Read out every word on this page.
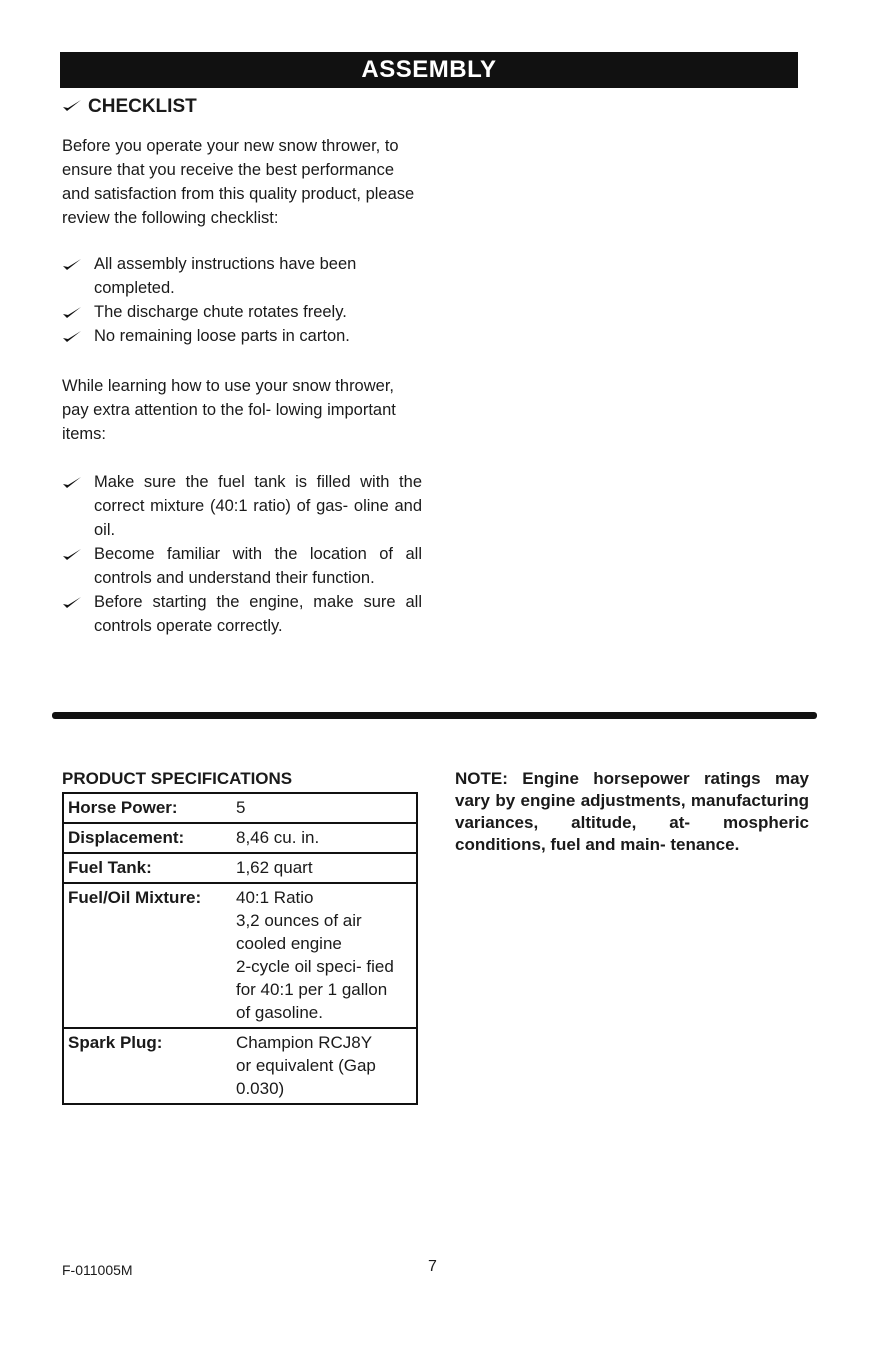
ASSEMBLY
CHECKLIST
Before you operate your new snow thrower, to ensure that you receive the best performance and satisfaction from this quality product, please review the following checklist:
All assembly instructions have been completed.
The discharge chute rotates freely.
No remaining loose parts in carton.
While learning how to use your snow thrower, pay extra attention to the fol‑ lowing important items:
Make sure the fuel tank is filled with the correct mixture (40:1 ratio) of gas‑ oline and oil.
Become familiar with the location of all controls and understand their function.
Before starting the engine, make sure all controls operate correctly.
PRODUCT SPECIFICATIONS
Horse Power:	5
Displacement:	8,46 cu. in.
Fuel Tank:	1,62 quart
Fuel/Oil Mixture:	40:1 Ratio
3,2 ounces of air cooled engine 2‑cycle oil speci‑ fied for 40:1 per 1 gallon of gasoline.
Spark Plug:	Champion RCJ8Y or equivalent (Gap 0.030)
NOTE: Engine horsepower ratings may vary by engine adjustments, manufacturing variances, altitude, at‑ mospheric conditions, fuel and main‑ tenance.
F‑011005M	7
